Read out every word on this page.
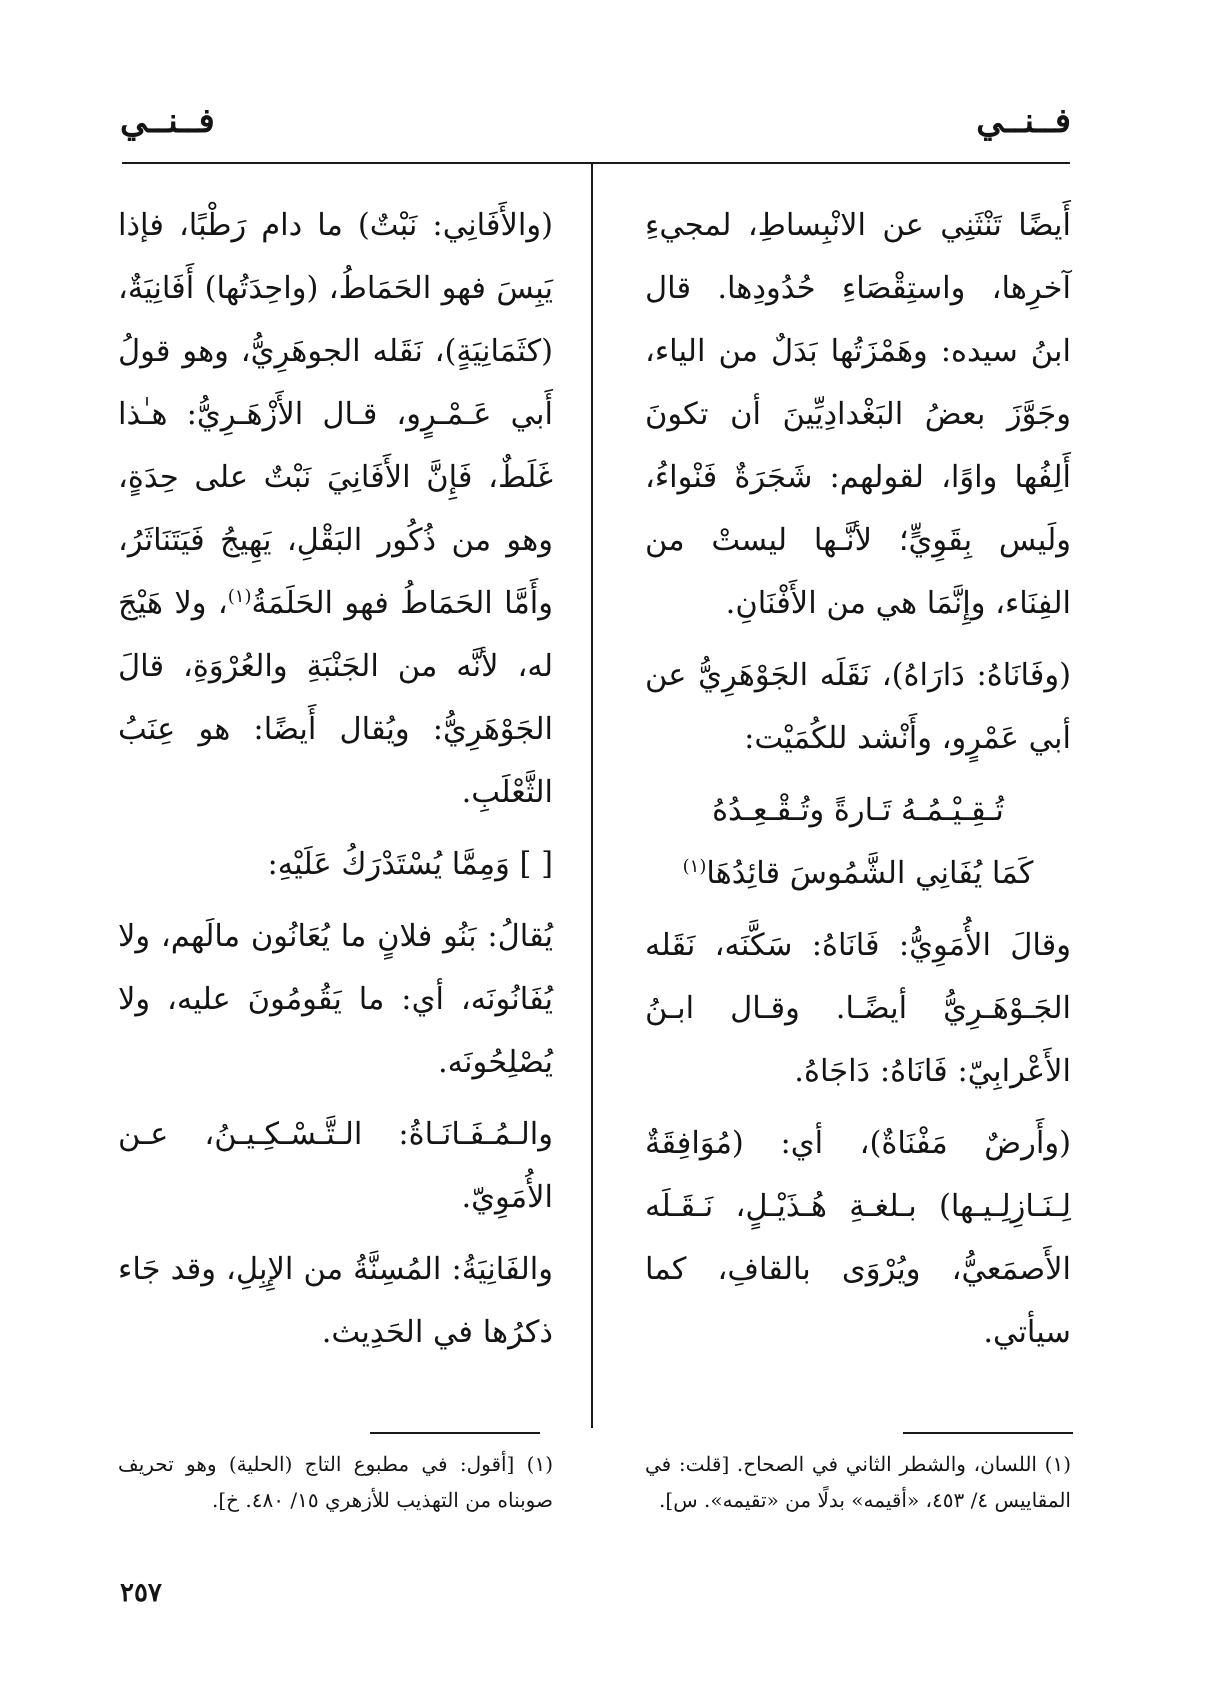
فــنــي
فــنــي

أَيضًا تَنْثَنِي عن الانْبِساطِ، لمجيءِ آخرِها، واستِقْصَاءِ حُدُودِها. قال ابنُ سيده: وهَمْزَتُها بَدَلٌ من الياء، وجَوَّزَ بعضُ البَغْدادِيِّينَ أن تكونَ أَلِفُها واوًا، لقولهم: شَجَرَةٌ فَنْواءُ، ولَيس بِقَوِيٍّ؛ لأنَّـها ليستْ من الفِنَاء، وإِنَّمَا هي من الأَفْنَانِ.

(وفَانَاهُ: دَارَاهُ)، نَقَلَه الجَوْهَرِيُّ عن أبي عَمْرٍو، وأَنْشد للكُمَيْت:

تُـقِـيْـمُـهُ تَـارةً وتُـقْـعِـدُهُ

كَمَا يُفَانِي الشَّمُوسَ قائِدُهَا$^{(١)}$

وقالَ الأُمَوِيُّ: فَانَاهُ: سَكَّنَه، نَقَله الجَـوْهَـرِيُّ أيضًـا. وقـال ابـنُ الأَعْرابِيّ: فَانَاهُ: دَاجَاهُ.

(وأَرضٌ مَفْنَاةٌ)، أي: (مُوَافِقَةٌ لِـنَـازِلِـيـها) بـلغـةِ هُـذَيْـلٍ، نَـقَـلَه الأَصمَعيُّ، ويُرْوَى بالقافِ، كما سيأتي.

(والأَفَانِي: نَبْتٌ) ما دام رَطْبًا، فإذا يَبِسَ فهو الحَمَاطُ، (واحِدَتُها) أَفَانِيَةٌ، (كثَمَانِيَةٍ)، نَقَله الجوهَرِيُّ، وهو قولُ أَبي عَـمْـرٍو، قـال الأَزْهَـرِيُّ: هـٰذا غَلَطٌ، فَإِنَّ الأَفَانِيَ نَبْتٌ على حِدَةٍ، وهو من ذُكُور البَقْلِ، يَهِيجُ فَيَتَنَاثَرُ، وأَمَّا الحَمَاطُ فهو الحَلَمَةُ$^{(١)}$، ولا هَيْجَ له، لأنَّه من الجَنْبَةِ والعُرْوَةِ، قالَ الجَوْهَرِيُّ: ويُقال أَيضًا: هو عِنَبُ الثَّعْلَبِ.

[ ] وَمِمَّا يُسْتَدْرَكُ عَلَيْهِ:

يُقالُ: بَنُو فلانٍ ما يُعَانُون مالَهم، ولا يُفَانُونَه، أي: ما يَقُومُونَ عليه، ولا يُصْلِحُونَه.

والـمُـفَـانَـاةُ: الـتَّـسْـكِـيـنُ، عـن الأُمَوِيّ.

والفَانِيَةُ: المُسِنَّةُ من الإِبِلِ، وقد جَاء ذكرُها في الحَدِيث.

(١) اللسان، والشطر الثاني في الصحاح. [قلت: في المقاييس ٤/ ٤٥٣، «أقيمه» بدلًا من «تقيمه». س].
(١) [أقول: في مطبوع التاج (الحلية) وهو تحريف صوبناه من التهذيب للأزهري ١٥/ ٤٨٠. خ].
٢٥٧
